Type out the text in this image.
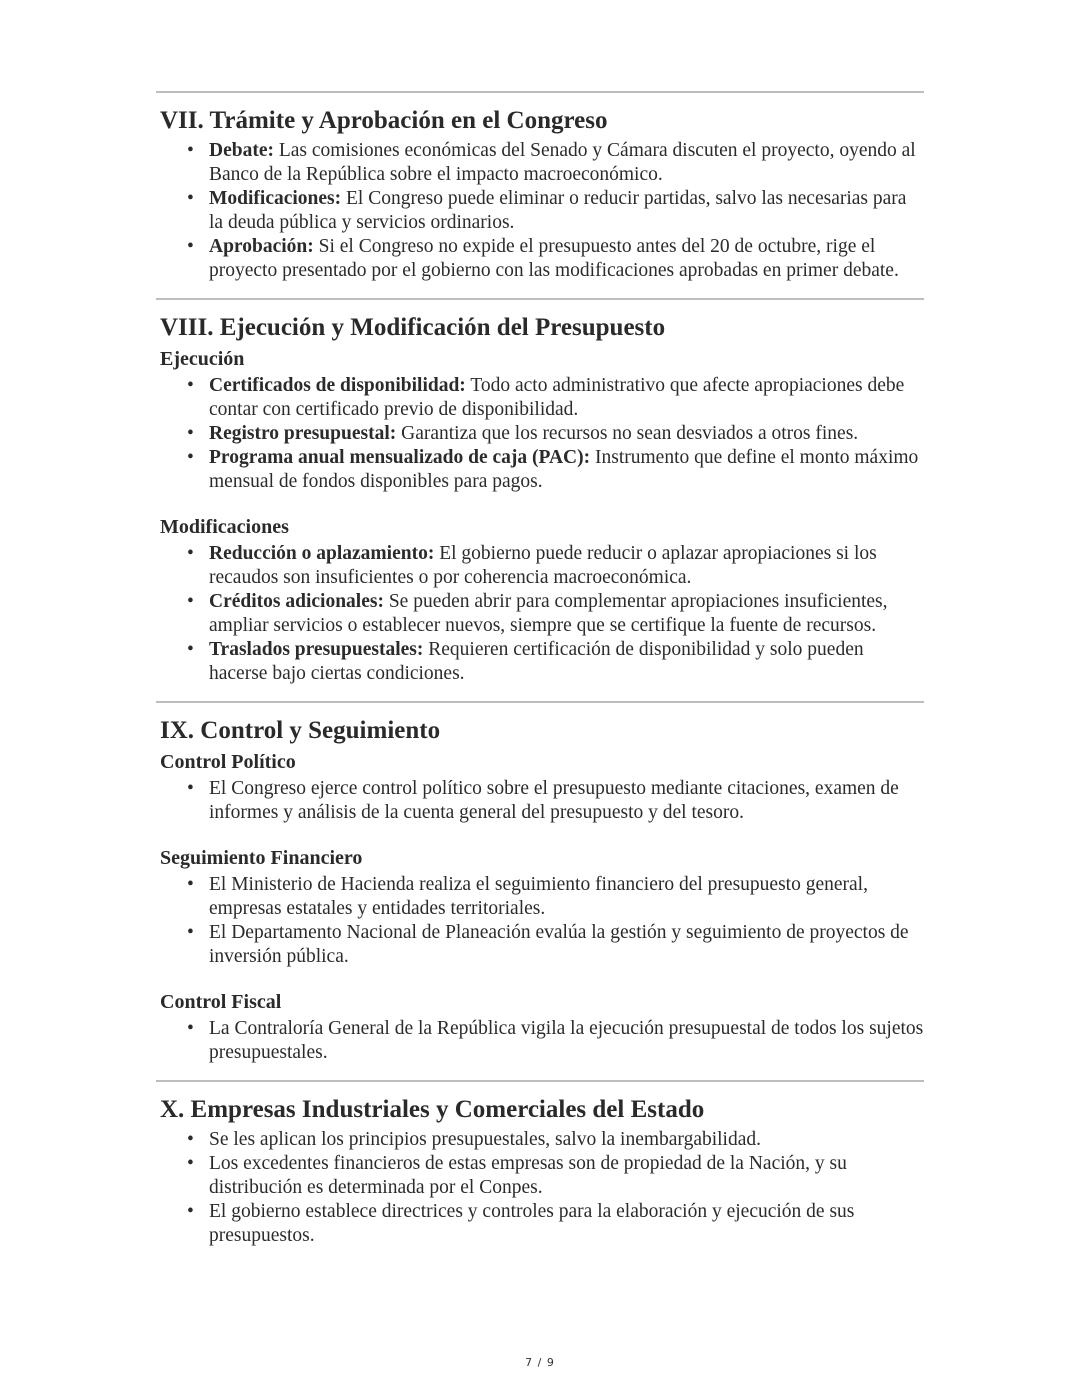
VII. Trámite y Aprobación en el Congreso
• Debate: Las comisiones económicas del Senado y Cámara discuten el proyecto, oyendo al Banco de la República sobre el impacto macroeconómico.
• Modificaciones: El Congreso puede eliminar o reducir partidas, salvo las necesarias para la deuda pública y servicios ordinarios.
• Aprobación: Si el Congreso no expide el presupuesto antes del 20 de octubre, rige el proyecto presentado por el gobierno con las modificaciones aprobadas en primer debate.
VIII. Ejecución y Modificación del Presupuesto
Ejecución
• Certificados de disponibilidad: Todo acto administrativo que afecte apropiaciones debe contar con certificado previo de disponibilidad.
• Registro presupuestal: Garantiza que los recursos no sean desviados a otros fines.
• Programa anual mensualizado de caja (PAC): Instrumento que define el monto máximo mensual de fondos disponibles para pagos.
Modificaciones
• Reducción o aplazamiento: El gobierno puede reducir o aplazar apropiaciones si los recaudos son insuficientes o por coherencia macroeconómica.
• Créditos adicionales: Se pueden abrir para complementar apropiaciones insuficientes, ampliar servicios o establecer nuevos, siempre que se certifique la fuente de recursos.
• Traslados presupuestales: Requieren certificación de disponibilidad y solo pueden hacerse bajo ciertas condiciones.
IX. Control y Seguimiento
Control Político
• El Congreso ejerce control político sobre el presupuesto mediante citaciones, examen de informes y análisis de la cuenta general del presupuesto y del tesoro.
Seguimiento Financiero
• El Ministerio de Hacienda realiza el seguimiento financiero del presupuesto general, empresas estatales y entidades territoriales.
• El Departamento Nacional de Planeación evalúa la gestión y seguimiento de proyectos de inversión pública.
Control Fiscal
• La Contraloría General de la República vigila la ejecución presupuestal de todos los sujetos presupuestales.
X. Empresas Industriales y Comerciales del Estado
• Se les aplican los principios presupuestales, salvo la inembargabilidad.
• Los excedentes financieros de estas empresas son de propiedad de la Nación, y su distribución es determinada por el Conpes.
• El gobierno establece directrices y controles para la elaboración y ejecución de sus presupuestos.
7 / 9
